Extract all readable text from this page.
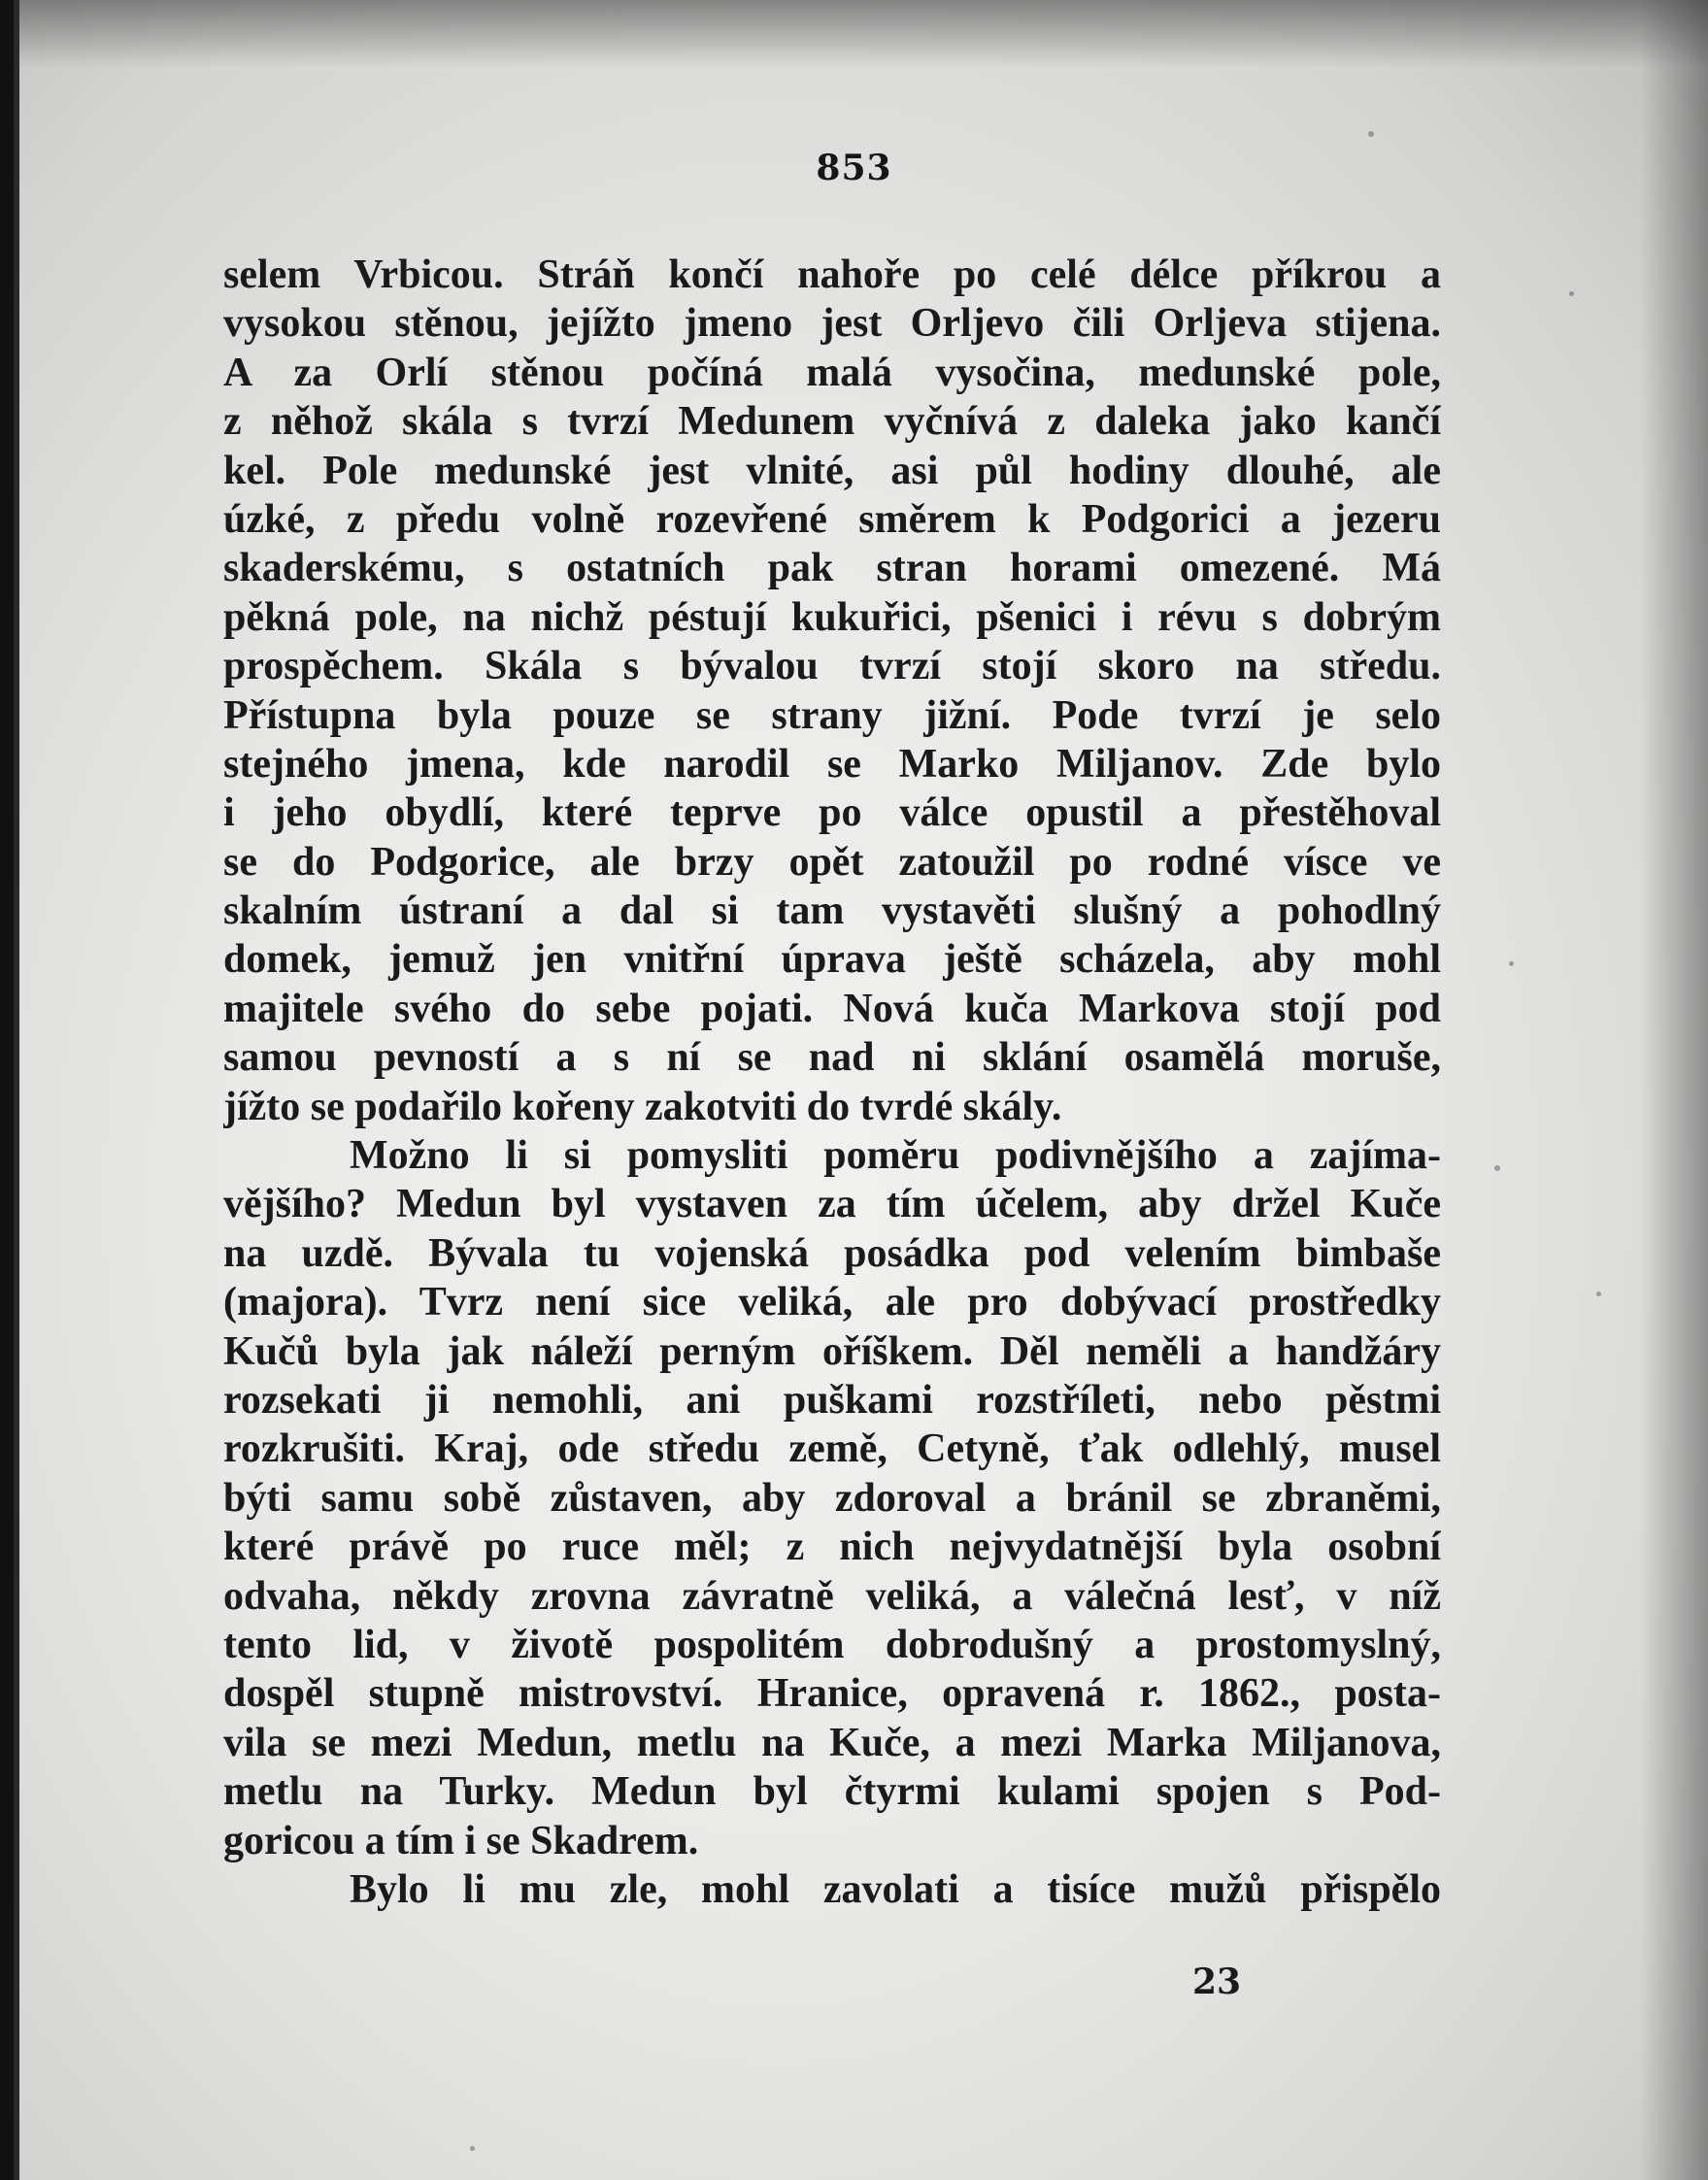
853
selem Vrbicou. Stráň končí nahoře po celé délce příkrou a
vysokou stěnou, jejížto jmeno jest Orljevo čili Orljeva stijena.
A za Orlí stěnou počíná malá vysočina, medunské pole,
z něhož skála s tvrzí Medunem vyčnívá z daleka jako kančí
kel. Pole medunské jest vlnité, asi půl hodiny dlouhé, ale
úzké, z předu volně rozevřené směrem k Podgorici a jezeru
skaderskému, s ostatních pak stran horami omezené. Má
pěkná pole, na nichž péstují kukuřici, pšenici i révu s dobrým
prospěchem. Skála s bývalou tvrzí stojí skoro na středu.
Přístupna byla pouze se strany jižní. Pode tvrzí je selo
stejného jmena, kde narodil se Marko Miljanov. Zde bylo
i jeho obydlí, které teprve po válce opustil a přestěhoval
se do Podgorice, ale brzy opět zatoužil po rodné vísce ve
skalním ústraní a dal si tam vystavěti slušný a pohodlný
domek, jemuž jen vnitřní úprava ještě scházela, aby mohl
majitele svého do sebe pojati. Nová kuča Markova stojí pod
samou pevností a s ní se nad ni sklání osamělá moruše,
jížto se podařilo kořeny zakotviti do tvrdé skály.
Možno li si pomysliti poměru podivnějšího a zajíma-
vějšího? Medun byl vystaven za tím účelem, aby držel Kuče
na uzdě. Bývala tu vojenská posádka pod velením bimbaše
(majora). Tvrz není sice veliká, ale pro dobývací prostředky
Kučů byla jak náleží perným oříškem. Děl neměli a handžáry
rozsekati ji nemohli, ani puškami rozstříleti, nebo pěstmi
rozkrušiti. Kraj, ode středu země, Cetyně, ťak odlehlý, musel
býti samu sobě zůstaven, aby zdoroval a bránil se zbraněmi,
které právě po ruce měl; z nich nejvydatnější byla osobní
odvaha, někdy zrovna závratně veliká, a válečná lesť, v níž
tento lid, v životě pospolitém dobrodušný a prostomyslný,
dospěl stupně mistrovství. Hranice, opravená r. 1862., posta-
vila se mezi Medun, metlu na Kuče, a mezi Marka Miljanova,
metlu na Turky. Medun byl čtyrmi kulami spojen s Pod-
goricou a tím i se Skadrem.
Bylo li mu zle, mohl zavolati a tisíce mužů přispělo
23
